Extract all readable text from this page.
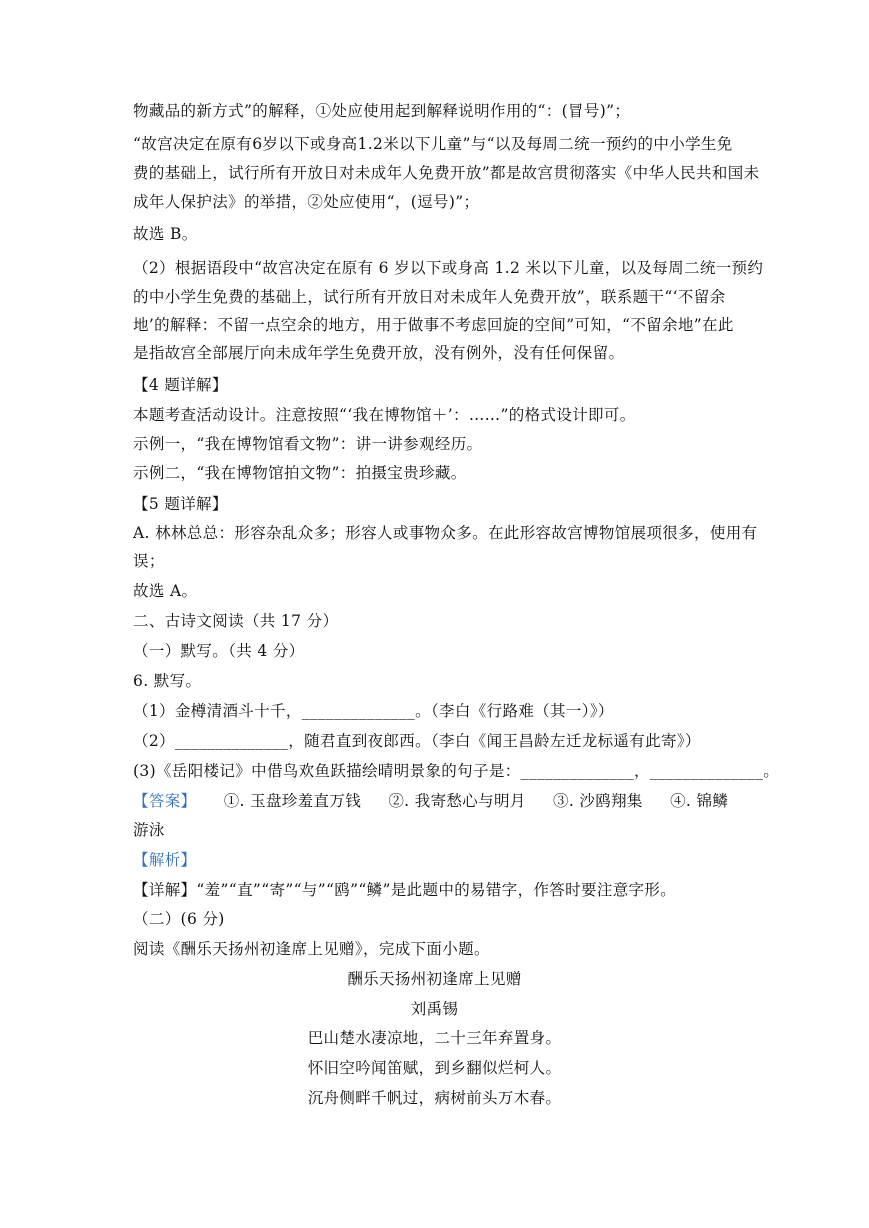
物藏品的新方式”的解释，①处应使用起到解释说明作用的“：(冒号)”；
“故宫决定在原有6岁以下或身高1.2米以下儿童”与“以及每周二统一预约的中小学生免
费的基础上，试行所有开放日对未成年人免费开放”都是故宫贯彻落实《中华人民共和国未
成年人保护法》的举措，②处应使用“，(逗号)”；
故选 B。
（2）根据语段中“故宫决定在原有 6 岁以下或身高 1.2 米以下儿童，以及每周二统一预约
的中小学生免费的基础上，试行所有开放日对未成年人免费开放”，联系题干“‘不留余
地’的解释：不留一点空余的地方，用于做事不考虑回旋的空间”可知，“不留余地”在此
是指故宫全部展厅向未成年学生免费开放，没有例外，没有任何保留。
【4 题详解】
本题考查活动设计。注意按照“‘我在博物馆＋’：……”的格式设计即可。
示例一，“我在博物馆看文物”：讲一讲参观经历。
示例二，“我在博物馆拍文物”：拍摄宝贵珍藏。
【5 题详解】
A. 林林总总：形容杂乱众多；形容人或事物众多。在此形容故宫博物馆展项很多，使用有
误；
故选 A。
二、古诗文阅读（共 17 分）
（一）默写。（共 4 分）
6. 默写。
（1）金樽清酒斗十千，______________。（李白《行路难（其一）》）
（2）______________，随君直到夜郎西。（李白《闻王昌龄左迁龙标遥有此寄》）
(3)《岳阳楼记》中借鸟欢鱼跃描绘晴明景象的句子是：______________，______________。
【答案】 ①. 玉盘珍羞直万钱 ②. 我寄愁心与明月 ③. 沙鸥翔集 ④. 锦鳞
游泳
【解析】
【详解】“羞”“直”“寄”“与”“鸥”“鳞”是此题中的易错字，作答时要注意字形。
（二）(6 分)
阅读《酬乐天扬州初逢席上见赠》，完成下面小题。
酬乐天扬州初逢席上见赠
刘禹锡
巴山楚水凄凉地，二十三年弃置身。
怀旧空吟闻笛赋，到乡翻似烂柯人。
沉舟侧畔千帆过，病树前头万木春。
